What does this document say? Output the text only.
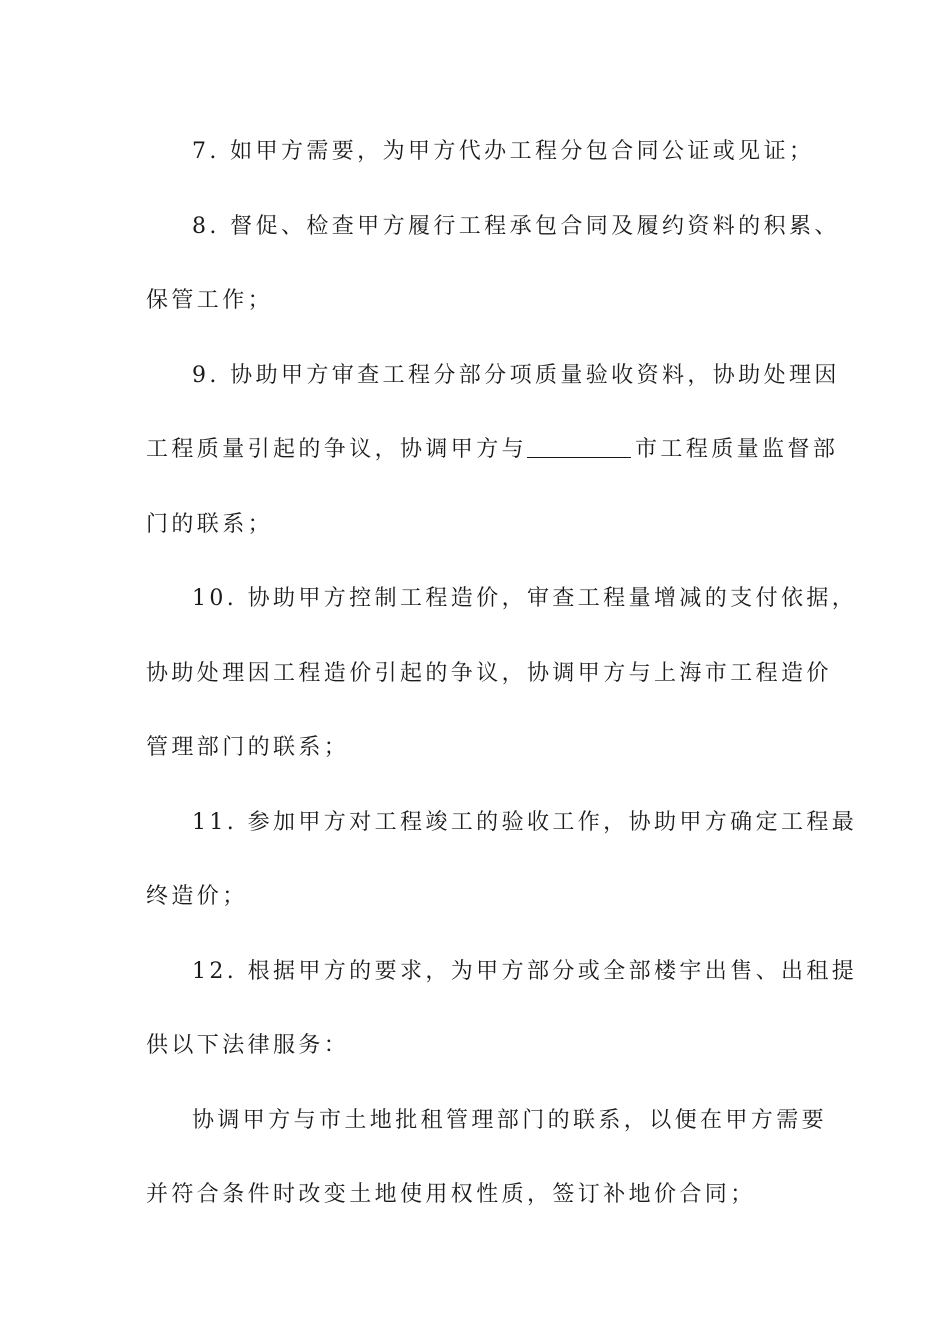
7. 如甲方需要，为甲方代办工程分包合同公证或见证；
8. 督促、检查甲方履行工程承包合同及履约资料的积累、
保管工作；
9. 协助甲方审查工程分部分项质量验收资料，协助处理因
工程质量引起的争议，协调甲方与	市工程质量监督部
门的联系；
10. 协助甲方控制工程造价，审查工程量增减的支付依据，
协助处理因工程造价引起的争议，协调甲方与上海市工程造价
管理部门的联系；
11. 参加甲方对工程竣工的验收工作，协助甲方确定工程最
终造价；
12. 根据甲方的要求，为甲方部分或全部楼宇出售、出租提
供以下法律服务：
协调甲方与市土地批租管理部门的联系，以便在甲方需要
并符合条件时改变土地使用权性质，签订补地价合同；
